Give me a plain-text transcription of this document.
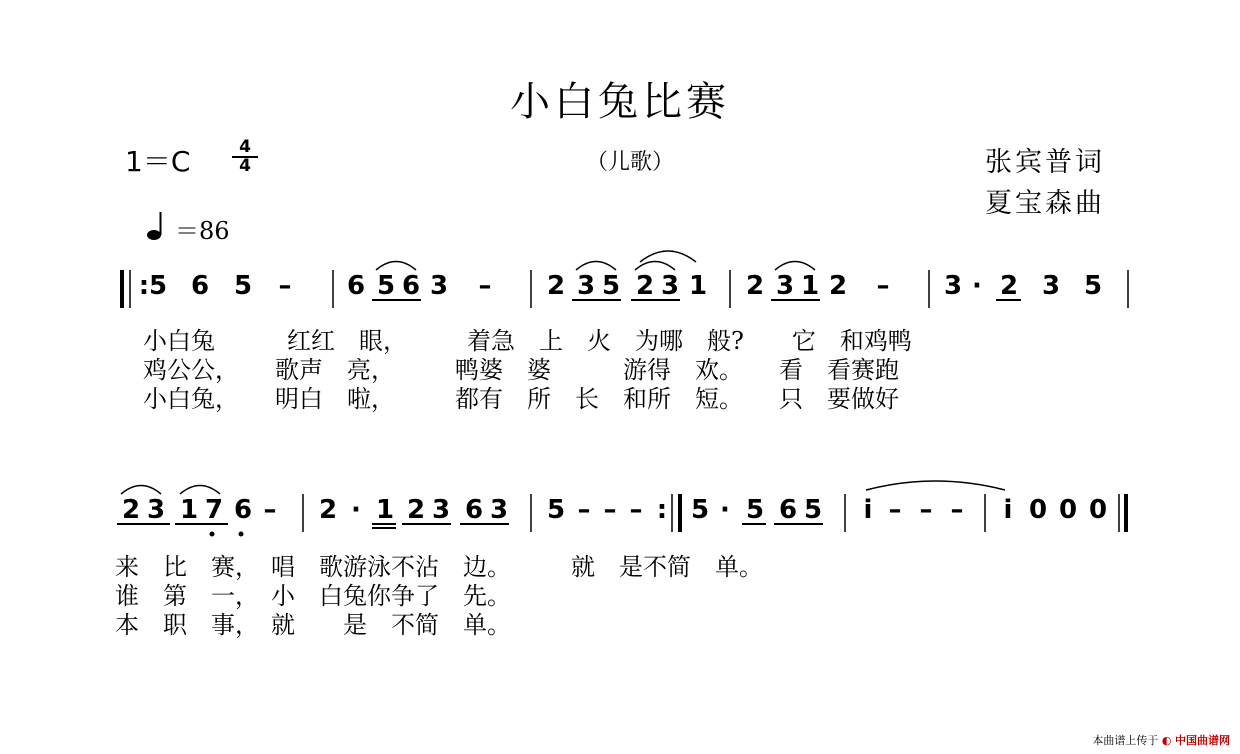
小白兔比赛
（儿歌）
1＝C	4
4	张宾普词
夏宝森曲
＝86
: 5 6 5	–	6 5 6 3	–	2 3 5 2 3 1 2 3 1 2	–	3 · 2 3 5
小白兔　　　红红　眼，　　　着急　上　火　为哪　般?　　它　和鸡鸭
鸡公公，　　歌声　亮，　　　鸭婆　婆　　　游得　欢。　　看　看赛跑
小白兔，　　明白　啦，　　　都有　所　长　和所　短。　　只　要做好
2 3 1 7 6 –	2 · 1 2 3 6 3 5 – – – : 5 · 5 6 5	i – – –	i 0 0 0
来　比　赛，　唱　歌游泳不沾　边。　　　就　是不简　单。
谁　第　一，　小　白兔你争了　先。
本　职　事，　就　　是　不简　单。
本曲谱上传于 ◐ 中国曲谱网
